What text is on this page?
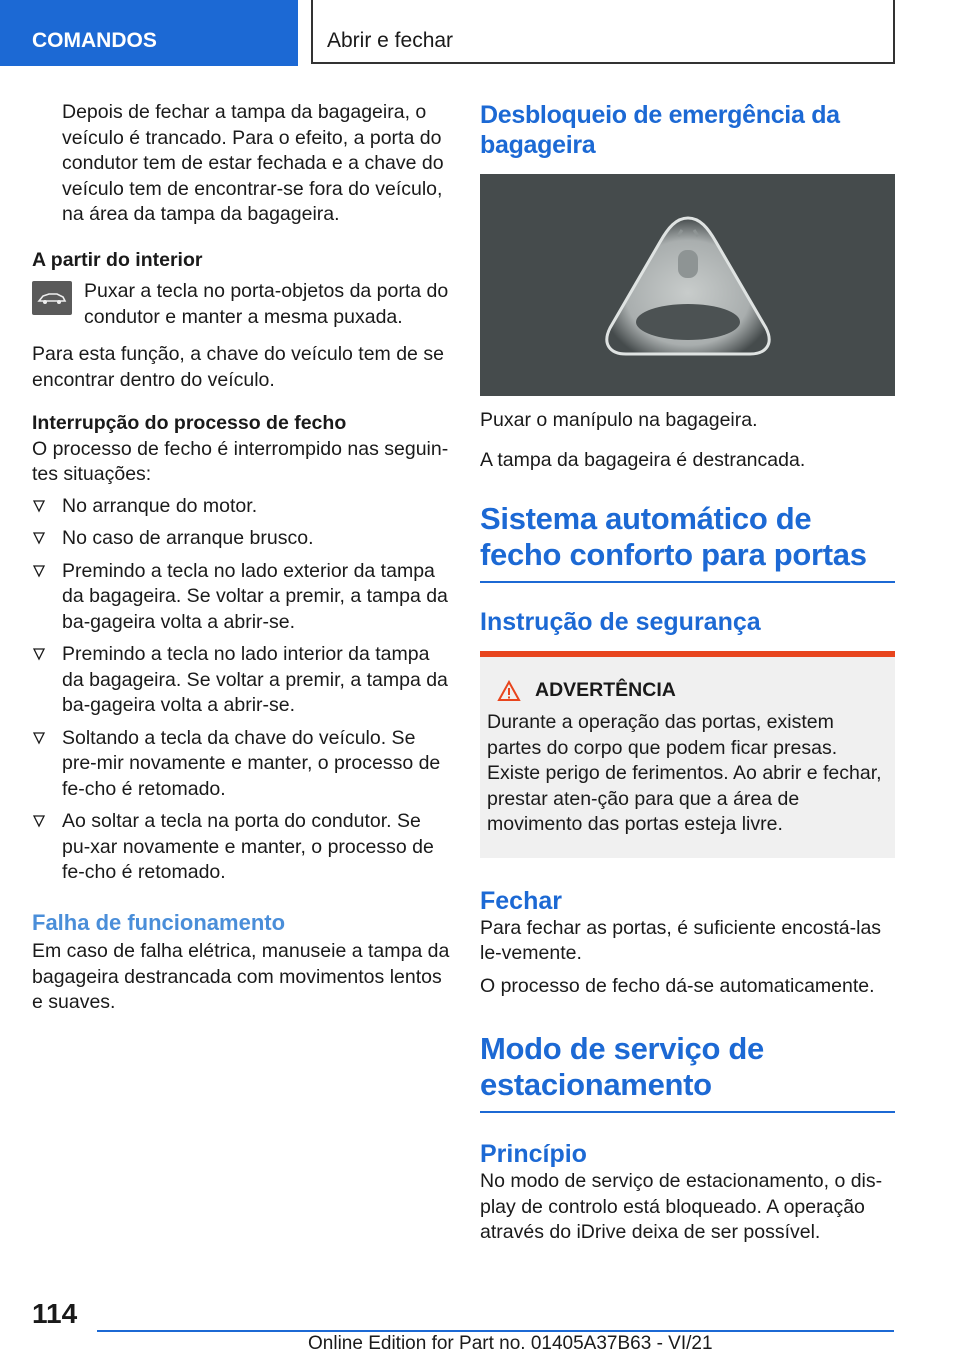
COMANDOS	Abrir e fechar

Depois de fechar a tampa da bagageira, o veículo é trancado. Para o efeito, a porta do condutor tem de estar fechada e a chave do veículo tem de encontrar-se fora do veículo, na área da tampa da bagageira.

A partir do interior

Puxar a tecla no porta-objetos da porta do condutor e manter a mesma puxada.

Para esta função, a chave do veículo tem de se encontrar dentro do veículo.

Interrupção do processo de fecho

O processo de fecho é interrompido nas seguin-tes situações:

No arranque do motor.
No caso de arranque brusco.
Premindo a tecla no lado exterior da tampa da bagageira. Se voltar a premir, a tampa da ba-gageira volta a abrir-se.
Premindo a tecla no lado interior da tampa da bagageira. Se voltar a premir, a tampa da ba-gageira volta a abrir-se.
Soltando a tecla da chave do veículo. Se pre-mir novamente e manter, o processo de fe-cho é retomado.
Ao soltar a tecla na porta do condutor. Se pu-xar novamente e manter, o processo de fe-cho é retomado.

Falha de funcionamento

Em caso de falha elétrica, manuseie a tampa da bagageira destrancada com movimentos lentos e suaves.

Desbloqueio de emergência da bagageira

Puxar o manípulo na bagageira.

A tampa da bagageira é destrancada.

Sistema automático de fecho conforto para portas

Instrução de segurança

ADVERTÊNCIA

Durante a operação das portas, existem partes do corpo que podem ficar presas. Existe perigo de ferimentos. Ao abrir e fechar, prestar aten-ção para que a área de movimento das portas esteja livre.

Fechar

Para fechar as portas, é suficiente encostá-las le-vemente.

O processo de fecho dá-se automaticamente.

Modo de serviço de estacionamento

Princípio

No modo de serviço de estacionamento, o dis-play de controlo está bloqueado. A operação através do iDrive deixa de ser possível.

114
Online Edition for Part no. 01405A37B63 - VI/21
